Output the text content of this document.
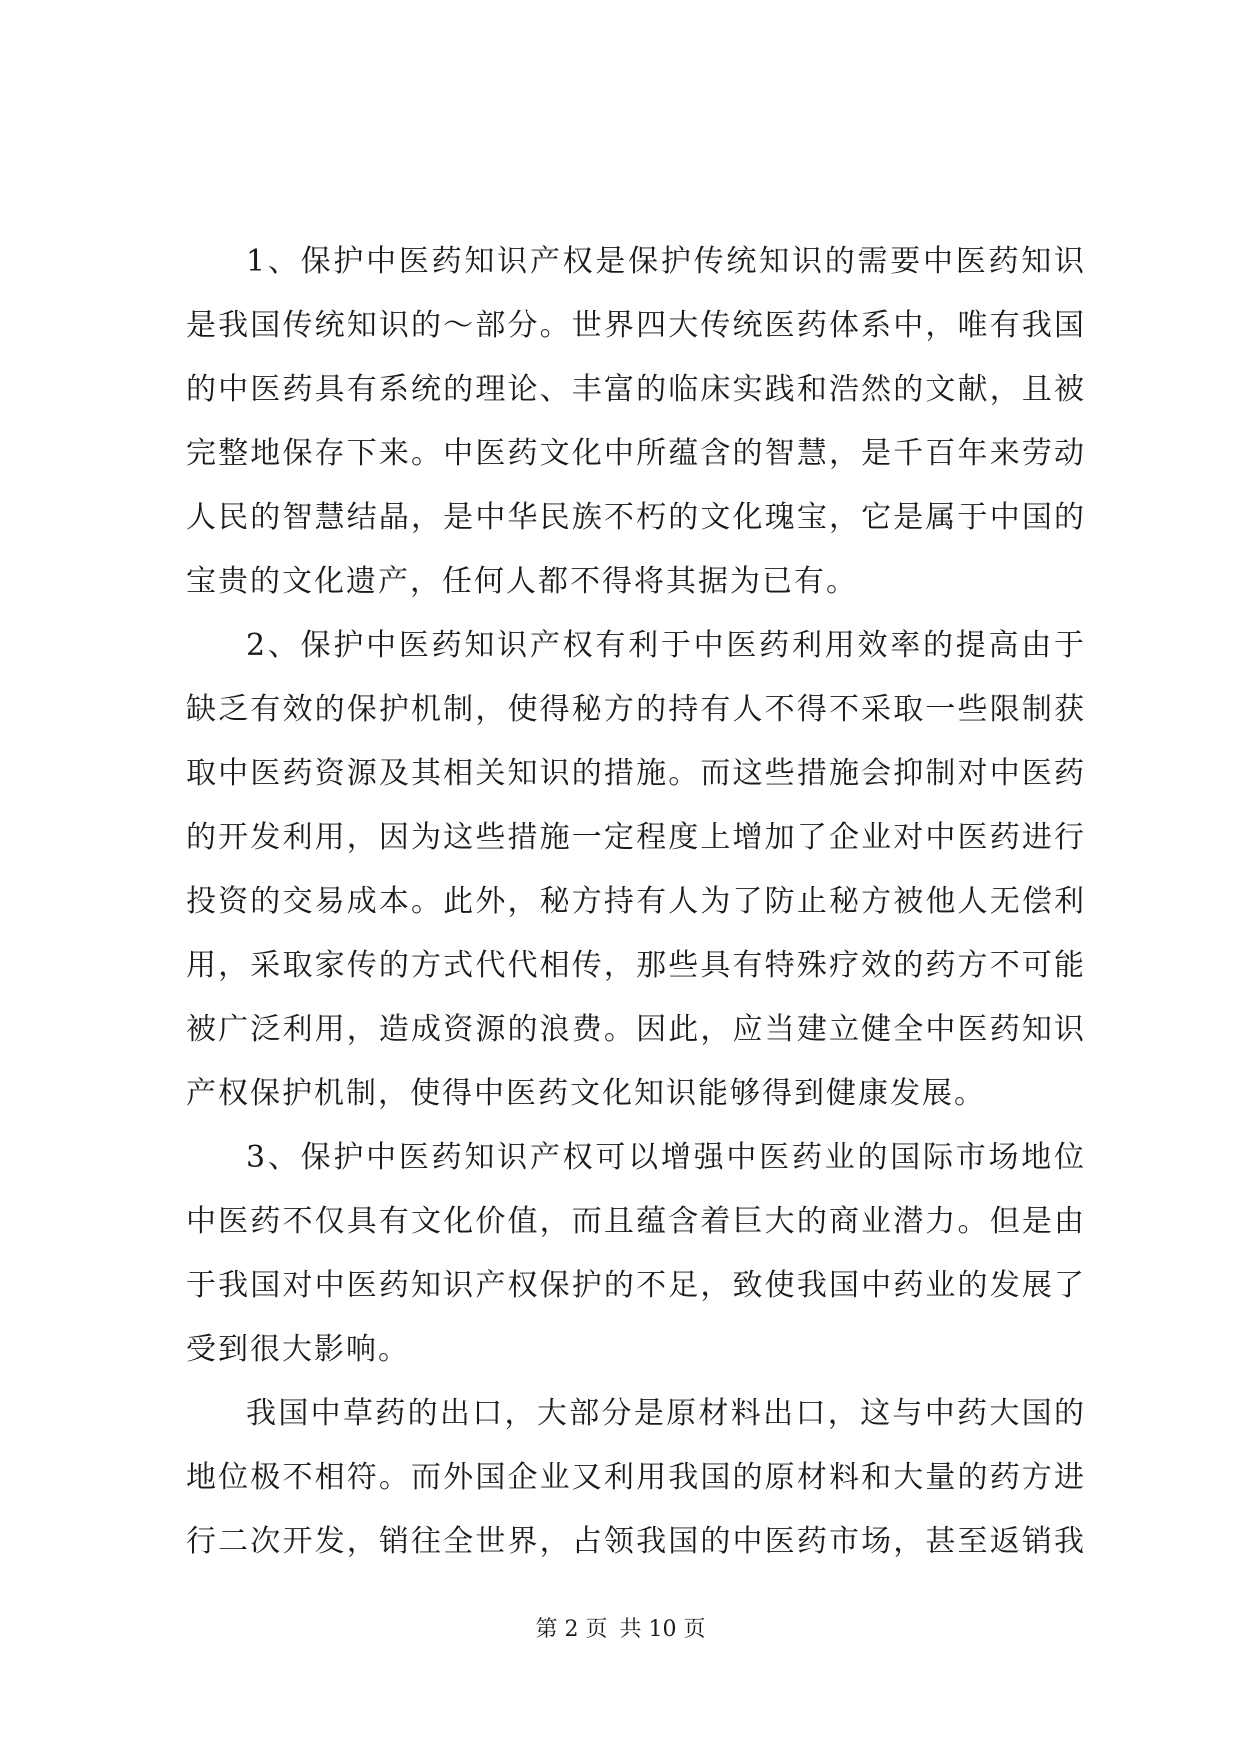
1、保护中医药知识产权是保护传统知识的需要中医药知识
是我国传统知识的～部分。世界四大传统医药体系中，唯有我国
的中医药具有系统的理论、丰富的临床实践和浩然的文献，且被
完整地保存下来。中医药文化中所蕴含的智慧，是千百年来劳动
人民的智慧结晶，是中华民族不朽的文化瑰宝，它是属于中国的
宝贵的文化遗产，任何人都不得将其据为已有。

2、保护中医药知识产权有利于中医药利用效率的提高由于
缺乏有效的保护机制，使得秘方的持有人不得不采取一些限制获
取中医药资源及其相关知识的措施。而这些措施会抑制对中医药
的开发利用，因为这些措施一定程度上增加了企业对中医药进行
投资的交易成本。此外，秘方持有人为了防止秘方被他人无偿利
用，采取家传的方式代代相传，那些具有特殊疗效的药方不可能
被广泛利用，造成资源的浪费。因此，应当建立健全中医药知识
产权保护机制，使得中医药文化知识能够得到健康发展。

3、保护中医药知识产权可以增强中医药业的国际市场地位
中医药不仅具有文化价值，而且蕴含着巨大的商业潜力。但是由
于我国对中医药知识产权保护的不足，致使我国中药业的发展了
受到很大影响。

我国中草药的出口，大部分是原材料出口，这与中药大国的
地位极不相符。而外国企业又利用我国的原材料和大量的药方进
行二次开发，销往全世界，占领我国的中医药市场，甚至返销我

第 2 页 共 10 页
